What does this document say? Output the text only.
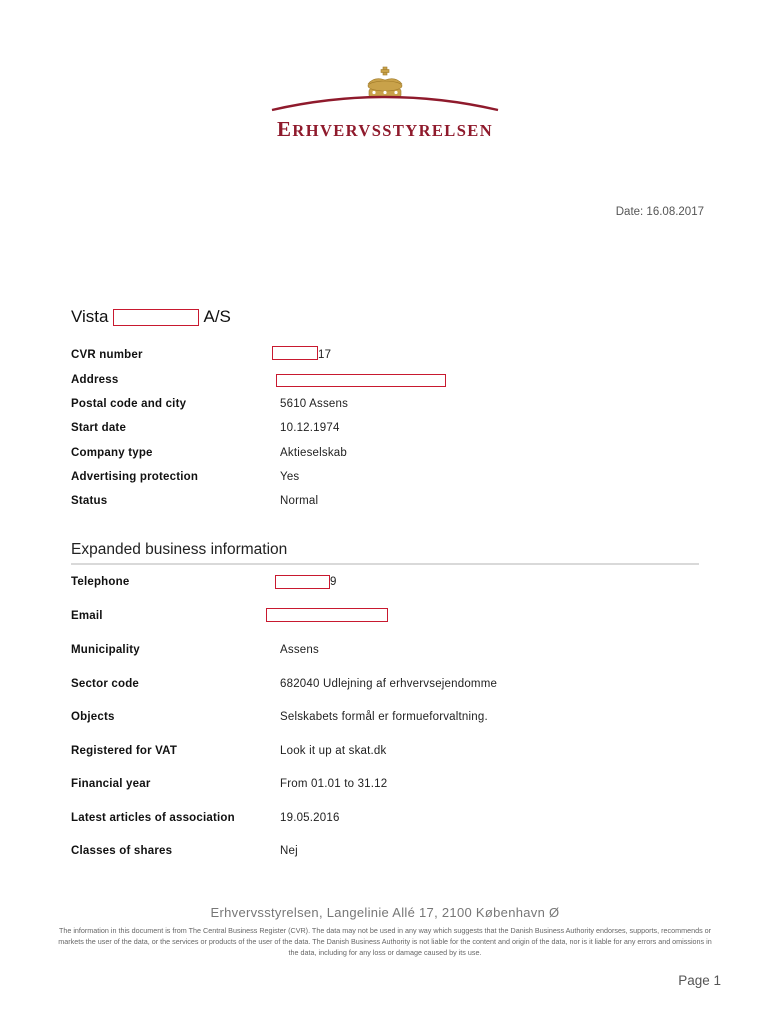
ERHVERVSSTYRELSEN
Date: 16.08.2017
Vista	A/S
CVR number	17
Address
Postal code and city	5610 Assens
Start date	10.12.1974
Company type	Aktieselskab
Advertising protection	Yes
Status	Normal
Expanded business information
Telephone	9
Email
Municipality	Assens
Sector code	682040 Udlejning af erhvervsejendomme
Objects	Selskabets formål er formueforvaltning.
Registered for VAT	Look it up at skat.dk
Financial year	From 01.01 to 31.12
Latest articles of association	19.05.2016
Classes of shares	Nej
Erhvervsstyrelsen, Langelinie Allé 17, 2100 København Ø
The information in this document is from The Central Business Register (CVR). The data may not be used in any way which suggests that the Danish Business Authority endorses, supports, recommends or markets the user of the data, or the services or products of the user of the data. The Danish Business Authority is not liable for the content and origin of the data, nor is it liable for any errors and omissions in the data, including for any loss or damage caused by its use.
Page 1
